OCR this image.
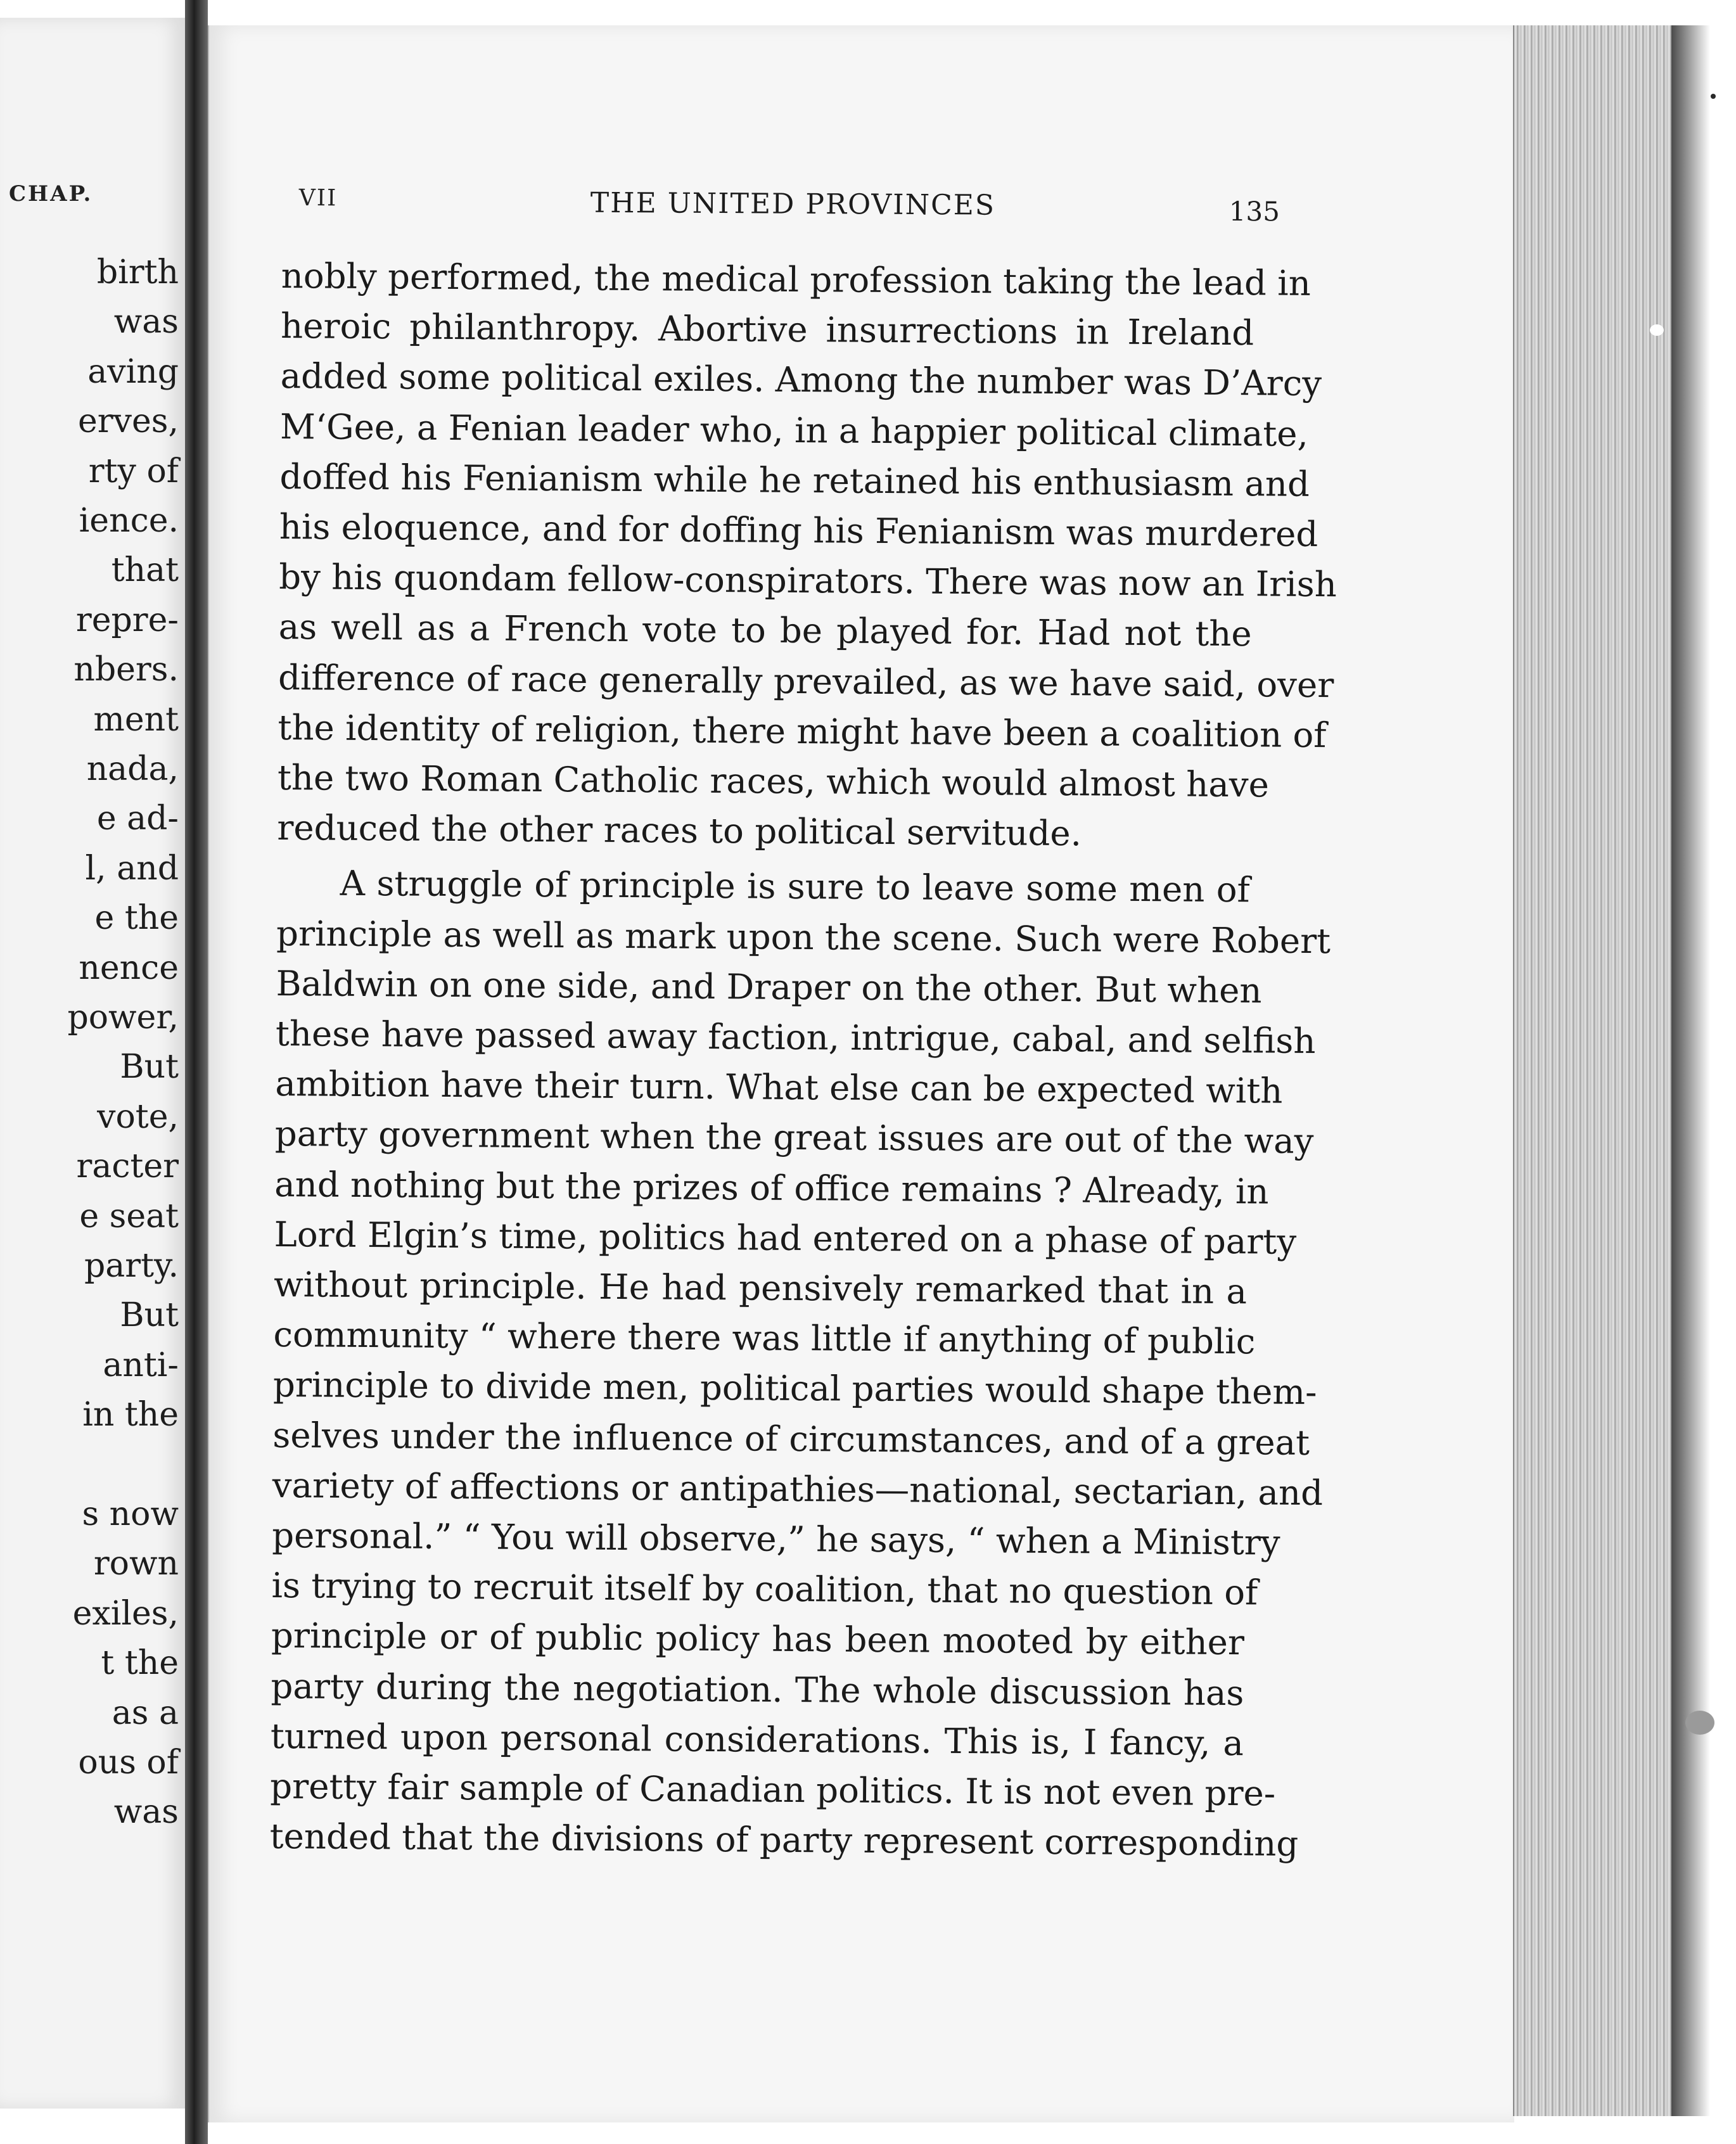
CHAP.
birth
was
aving
erves,
rty of
ience.
that
repre-
nbers.
ment
nada,
e ad-
l, and
e the
nence
power,
But
vote,
racter
e seat
party.
But
anti-
in the
s now
rown
exiles,
t the
as a
ous of
was
VII	THE UNITED PROVINCES	135
nobly performed, the medical profession taking the lead in
heroic philanthropy. Abortive insurrections in Ireland
added some political exiles. Among the number was D’Arcy
M‘Gee, a Fenian leader who, in a happier political climate,
doffed his Fenianism while he retained his enthusiasm and
his eloquence, and for doffing his Fenianism was murdered
by his quondam fellow-conspirators. There was now an Irish
as well as a French vote to be played for. Had not the
difference of race generally prevailed, as we have said, over
the identity of religion, there might have been a coalition of
the two Roman Catholic races, which would almost have
reduced the other races to political servitude.
A struggle of principle is sure to leave some men of
principle as well as mark upon the scene. Such were Robert
Baldwin on one side, and Draper on the other. But when
these have passed away faction, intrigue, cabal, and selfish
ambition have their turn. What else can be expected with
party government when the great issues are out of the way
and nothing but the prizes of office remains ? Already, in
Lord Elgin’s time, politics had entered on a phase of party
without principle. He had pensively remarked that in a
community “ where there was little if anything of public
principle to divide men, political parties would shape them-
selves under the influence of circumstances, and of a great
variety of affections or antipathies—national, sectarian, and
personal.” “ You will observe,” he says, “ when a Ministry
is trying to recruit itself by coalition, that no question of
principle or of public policy has been mooted by either
party during the negotiation. The whole discussion has
turned upon personal considerations. This is, I fancy, a
pretty fair sample of Canadian politics. It is not even pre-
tended that the divisions of party represent corresponding
